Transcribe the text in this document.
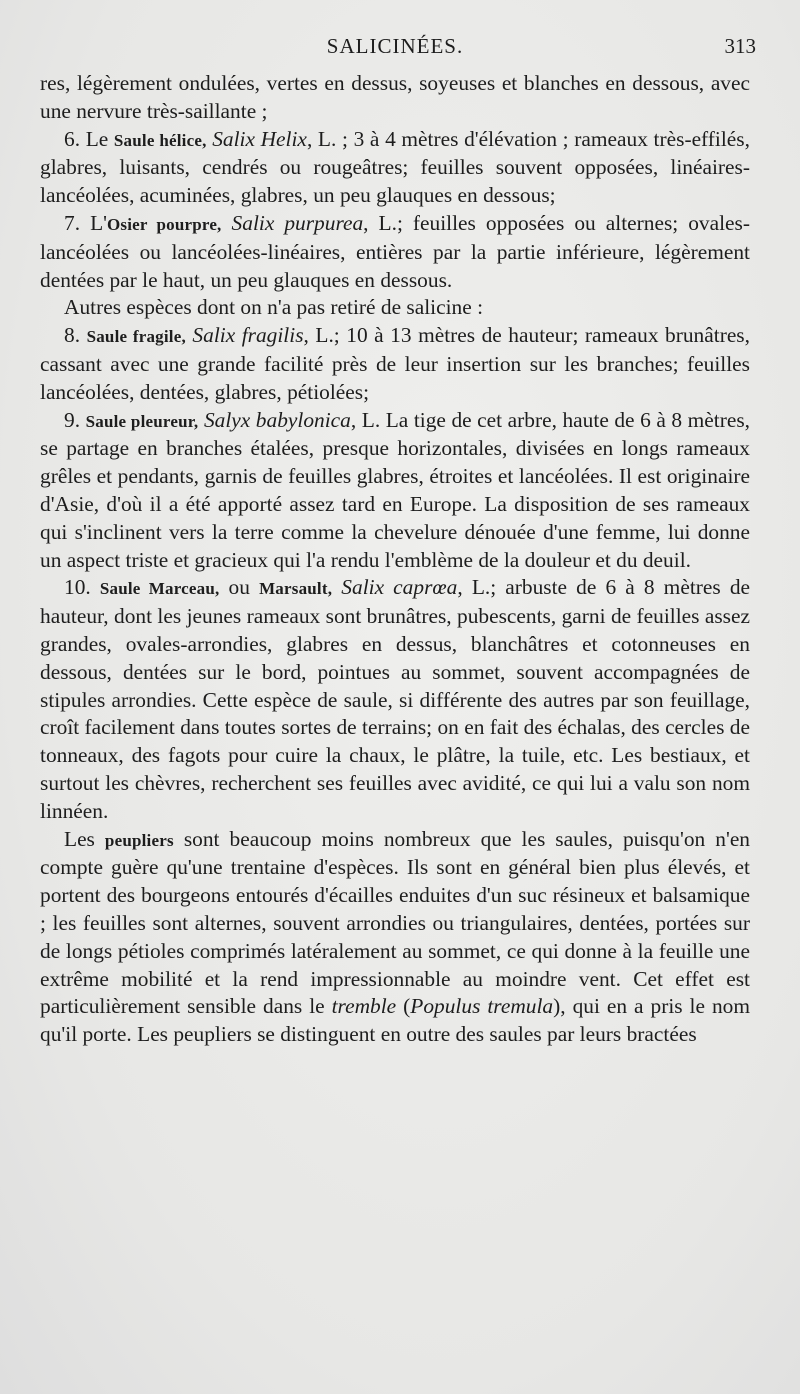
SALICINÉES.	313

res, légèrement ondulées, vertes en dessus, soyeuses et blanches en dessous, avec une nervure très-saillante ;

6. Le Saule hélice, Salix Helix, L. ; 3 à 4 mètres d'élévation ; rameaux très-effilés, glabres, luisants, cendrés ou rougeâtres; feuilles souvent opposées, linéaires-lancéolées, acuminées, glabres, un peu glauques en dessous;

7. L'Osier pourpre, Salix purpurea, L.; feuilles opposées ou alternes; ovales-lancéolées ou lancéolées-linéaires, entières par la partie inférieure, légèrement dentées par le haut, un peu glauques en dessous.

Autres espèces dont on n'a pas retiré de salicine :

8. Saule fragile, Salix fragilis, L.; 10 à 13 mètres de hauteur; rameaux brunâtres, cassant avec une grande facilité près de leur insertion sur les branches; feuilles lancéolées, dentées, glabres, pétiolées;

9. Saule pleureur, Salyx babylonica, L. La tige de cet arbre, haute de 6 à 8 mètres, se partage en branches étalées, presque horizontales, divisées en longs rameaux grêles et pendants, garnis de feuilles glabres, étroites et lancéolées. Il est originaire d'Asie, d'où il a été apporté assez tard en Europe. La disposition de ses rameaux qui s'inclinent vers la terre comme la chevelure dénouée d'une femme, lui donne un aspect triste et gracieux qui l'a rendu l'emblème de la douleur et du deuil.

10. Saule Marceau, ou Marsault, Salix caprœa, L.; arbuste de 6 à 8 mètres de hauteur, dont les jeunes rameaux sont brunâtres, pubescents, garni de feuilles assez grandes, ovales-arrondies, glabres en dessus, blanchâtres et cotonneuses en dessous, dentées sur le bord, pointues au sommet, souvent accompagnées de stipules arrondies. Cette espèce de saule, si différente des autres par son feuillage, croît facilement dans toutes sortes de terrains; on en fait des échalas, des cercles de tonneaux, des fagots pour cuire la chaux, le plâtre, la tuile, etc. Les bestiaux, et surtout les chèvres, recherchent ses feuilles avec avidité, ce qui lui a valu son nom linnéen.

Les peupliers sont beaucoup moins nombreux que les saules, puisqu'on n'en compte guère qu'une trentaine d'espèces. Ils sont en général bien plus élevés, et portent des bourgeons entourés d'écailles enduites d'un suc résineux et balsamique ; les feuilles sont alternes, souvent arrondies ou triangulaires, dentées, portées sur de longs pétioles comprimés latéralement au sommet, ce qui donne à la feuille une extrême mobilité et la rend impressionnable au moindre vent. Cet effet est particulièrement sensible dans le tremble (Populus tremula), qui en a pris le nom qu'il porte. Les peupliers se distinguent en outre des saules par leurs bractées
